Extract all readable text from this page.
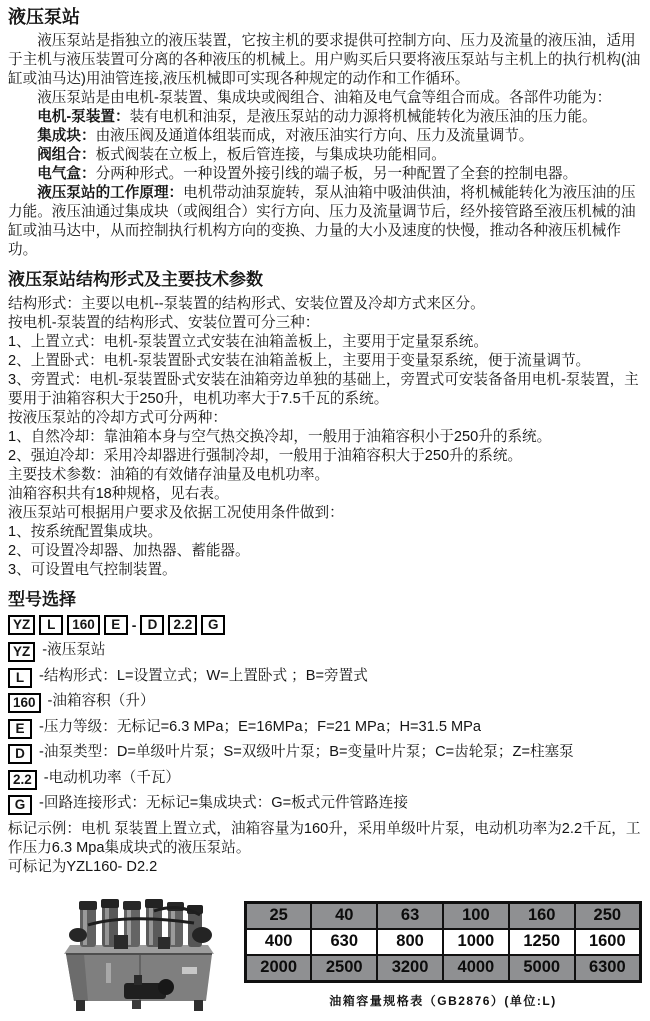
液压泵站

液压泵站是指独立的液压装置，它按主机的要求提供可控制方向、压力及流量的液压油，适用于主机与液压装置可分离的各种液压的机械上。用户购买后只要将液压泵站与主机上的执行机构(油缸或油马达)用油管连接,液压机械即可实现各种规定的动作和工作循环。

液压泵站是由电机-泵装置、集成块或阀组合、油箱及电气盒等组合而成。各部件功能为：

电机-泵装置：装有电机和油泵，是液压泵站的动力源将机械能转化为液压油的压力能。

集成块：由液压阀及通道体组装而成，对液压油实行方向、压力及流量调节。

阀组合：板式阀装在立板上，板后管连接，与集成块功能相同。

电气盒：分两种形式。一种设置外接引线的端子板，另一种配置了全套的控制电器。

液压泵站的工作原理：电机带动油泵旋转，泵从油箱中吸油供油，将机械能转化为液压油的压力能。液压油通过集成块（或阀组合）实行方向、压力及流量调节后，经外接管路至液压机械的油缸或油马达中，从而控制执行机构方向的变换、力量的大小及速度的快慢，推动各种液压机械作功。

液压泵站结构形式及主要技术参数

结构形式：主要以电机--泵装置的结构形式、安装位置及冷却方式来区分。

按电机-泵装置的结构形式、安装位置可分三种：

1、上置立式：电机-泵装置立式安装在油箱盖板上，主要用于定量泵系统。

2、上置卧式：电机-泵装置卧式安装在油箱盖板上，主要用于变量泵系统，便于流量调节。

3、旁置式：电机-泵装置卧式安装在油箱旁边单独的基础上，旁置式可安装备备用电机-泵装置，主要用于油箱容积大于250升，电机功率大于7.5千瓦的系统。

按液压泵站的冷却方式可分两种：

1、自然冷却：靠油箱本身与空气热交换冷却，一般用于油箱容积小于250升的系统。

2、强迫冷却：采用冷却器进行强制冷却，一般用于油箱容积大于250升的系统。

主要技术参数：油箱的有效储存油量及电机功率。

油箱容积共有18种规格，见右表。

液压泵站可根据用户要求及依据工况使用条件做到：

1、按系统配置集成块。

2、可设置冷却器、加热器、蓄能器。

3、可设置电气控制装置。

型号选择
YZ	L	160	E - D	2.2	G
YZ -液压泵站
L	-结构形式：L=设置立式；W=上置卧式 ；B=旁置式
160 -油箱容积（升）
E -压力等级：无标记=6.3 MPa；E=16MPa；F=21 MPa；H=31.5 MPa
D -油泵类型：D=单级叶片泵；S=双级叶片泵；B=变量叶片泵；C=齿轮泵；Z=柱塞泵
2.2 -电动机功率（千瓦）
G -回路连接形式：无标记=集成块式：G=板式元件管路连接

标记示例：电机 泵装置上置立式，油箱容量为160升，采用单级叶片泵，电动机功率为2.2千瓦，工作压力6.3 Mpa集成块式的液压泵站。

可标记为YZL160- D2.2

25	40	63	100	160	250
400	630	800	1000	1250	1600
2000	2500	3200	4000	5000	6300
油箱容量规格表（GB2876）(单位:L)
